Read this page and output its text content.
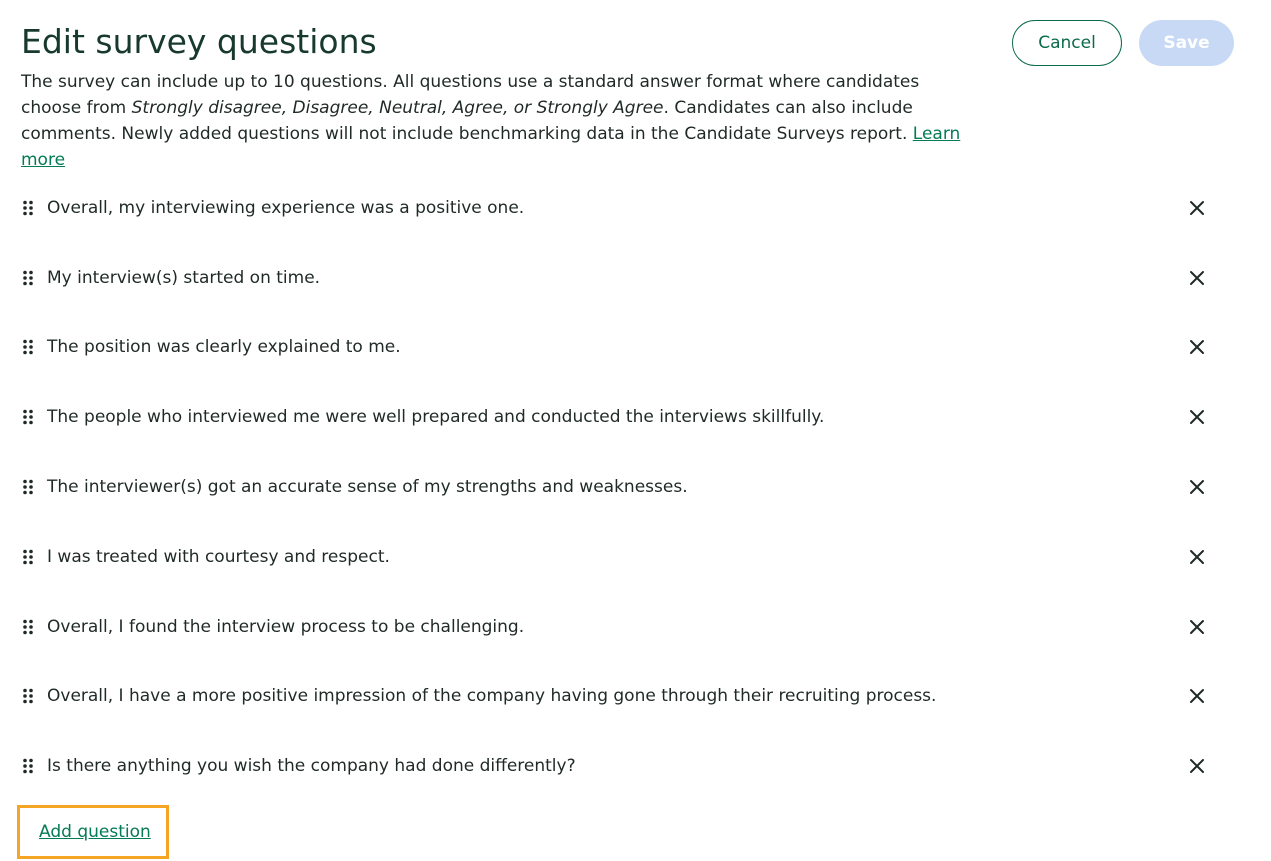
Edit survey questions
The survey can include up to 10 questions. All questions use a standard answer format where candidates choose from Strongly disagree, Disagree, Neutral, Agree, or Strongly Agree. Candidates can also include comments. Newly added questions will not include benchmarking data in the Candidate Surveys report. Learn more
Cancel	Save
Overall, my interviewing experience was a positive one.
My interview(s) started on time.
The position was clearly explained to me.
The people who interviewed me were well prepared and conducted the interviews skillfully.
The interviewer(s) got an accurate sense of my strengths and weaknesses.
I was treated with courtesy and respect.
Overall, I found the interview process to be challenging.
Overall, I have a more positive impression of the company having gone through their recruiting process.
Is there anything you wish the company had done differently?
Add question
